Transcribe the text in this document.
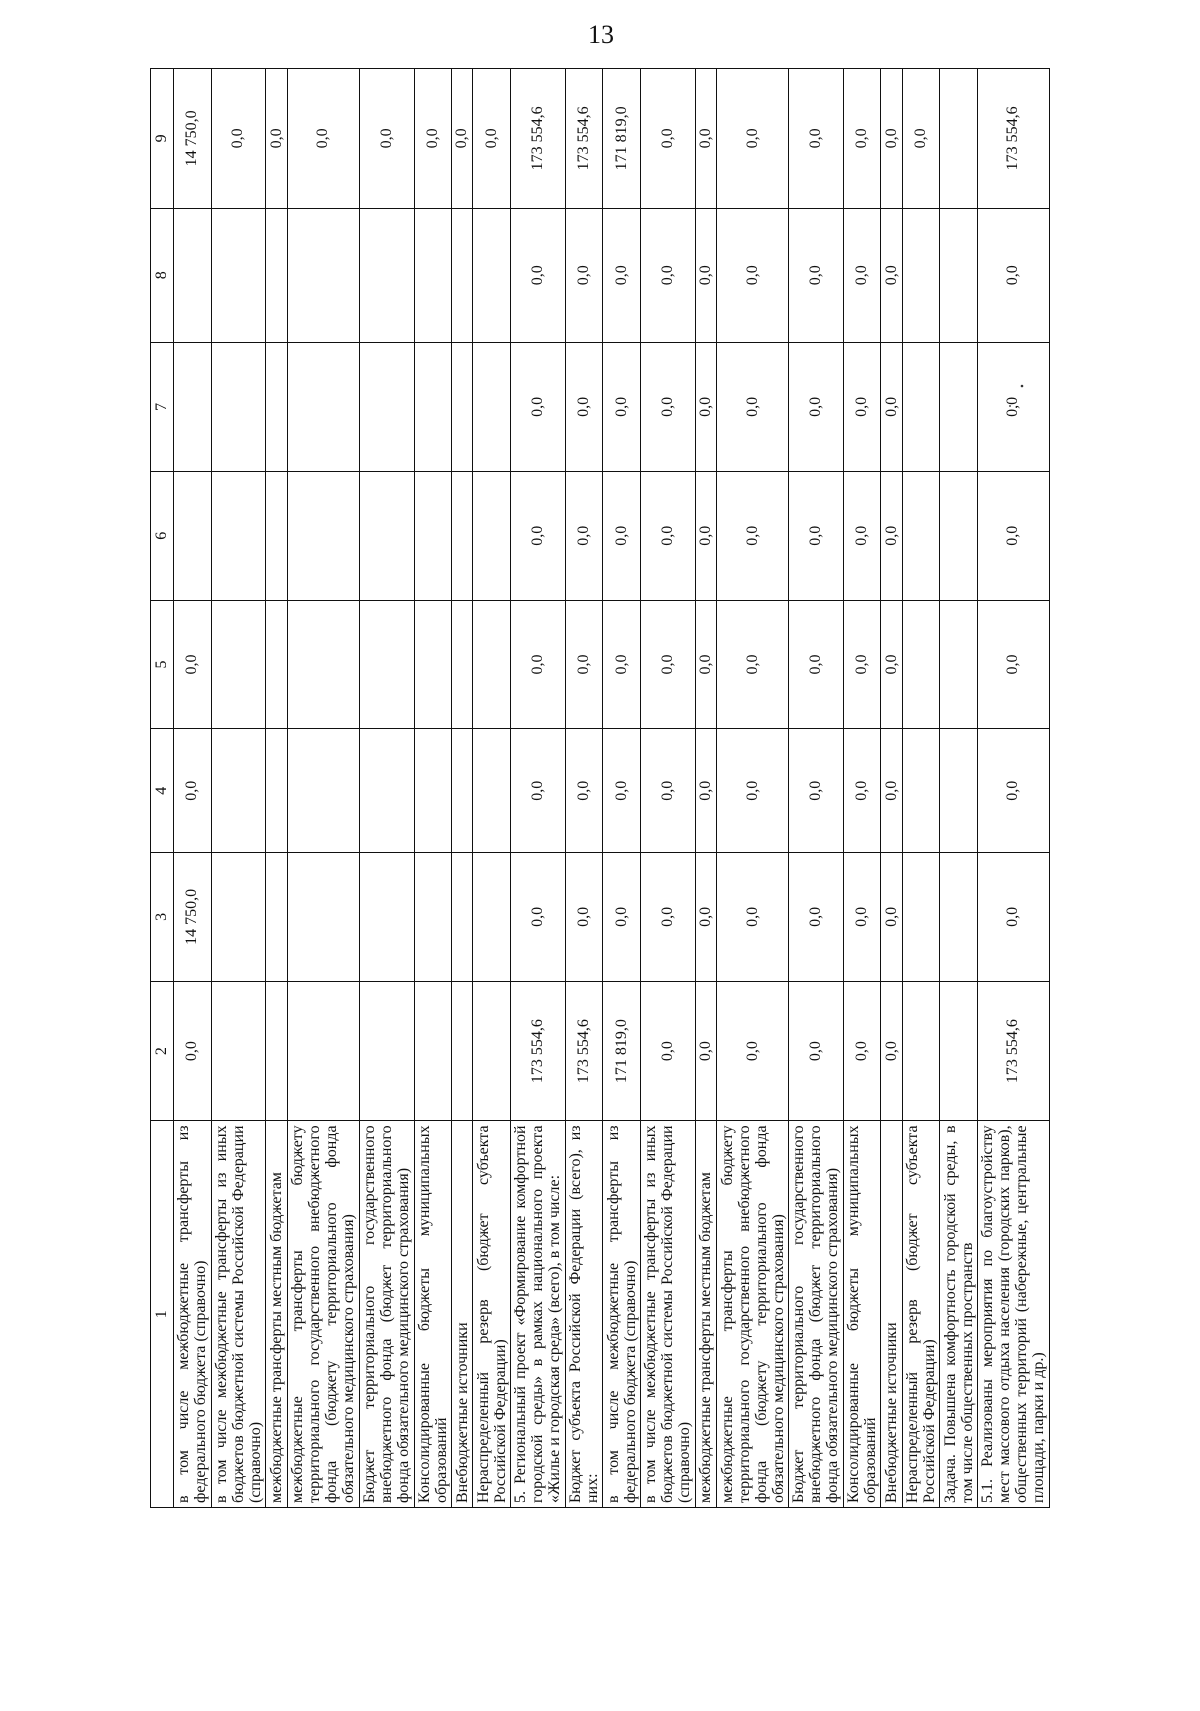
13
1	2	3	4	5	6	7	8	9
в том числе межбюджетные трансферты из федерального бюджета (справочно)	0,0	14 750,0	0,0	0,0				14 750,0
в том числе межбюджетные трансферты из иных бюджетов бюджетной системы Российской Федерации (справочно)								0,0
межбюджетные трансферты местным бюджетам								0,0
межбюджетные трансферты бюджету территориального государственного внебюджетного фонда (бюджету территориального фонда обязательного медицинского страхования)								0,0
Бюджет территориального государственного внебюджетного фонда (бюджет территориального фонда обязательного медицинского страхования)								0,0
Консолидированные бюджеты муниципальных образований								0,0
Внебюджетные источники								0,0
Нераспределенный резерв (бюджет субъекта Российской Федерации)								0,0
5. Региональный проект «Формирование комфортной городской среды» в рамках национального проекта «Жилье и городская среда» (всего), в том числе:	173 554,6	0,0	0,0	0,0	0,0	0,0	0,0	173 554,6
Бюджет субъекта Российской Федерации (всего), из них:	173 554,6	0,0	0,0	0,0	0,0	0,0	0,0	173 554,6
в том числе межбюджетные трансферты из федерального бюджета (справочно)	171 819,0	0,0	0,0	0,0	0,0	0,0	0,0	171 819,0
в том числе межбюджетные трансферты из иных бюджетов бюджетной системы Российской Федерации (справочно)	0,0	0,0	0,0	0,0	0,0	0,0	0,0	0,0
межбюджетные трансферты местным бюджетам	0,0	0,0	0,0	0,0	0,0	0,0	0,0	0,0
межбюджетные трансферты бюджету территориального государственного внебюджетного фонда (бюджету территориального фонда обязательного медицинского страхования)	0,0	0,0	0,0	0,0	0,0	0,0	0,0	0,0
Бюджет территориального государственного внебюджетного фонда (бюджет территориального фонда обязательного медицинского страхования)	0,0	0,0	0,0	0,0	0,0	0,0	0,0	0,0
Консолидированные бюджеты муниципальных образований	0,0	0,0	0,0	0,0	0,0	0,0	0,0	0,0
Внебюджетные источники	0,0	0,0	0,0	0,0	0,0	0,0	0,0	0,0
Нераспределенный резерв (бюджет субъекта Российской Федерации)								0,0
Задача. Повышена комфортность городской среды, в том числе общественных пространств								
5.1. Реализованы мероприятия по благоустройству мест массового отдыха населения (городских парков), общественных территорий (набережные, центральные площади, парки и др.)	173 554,6	0,0	0,0	0,0	0,0	0,0	0,0	173 554,6
